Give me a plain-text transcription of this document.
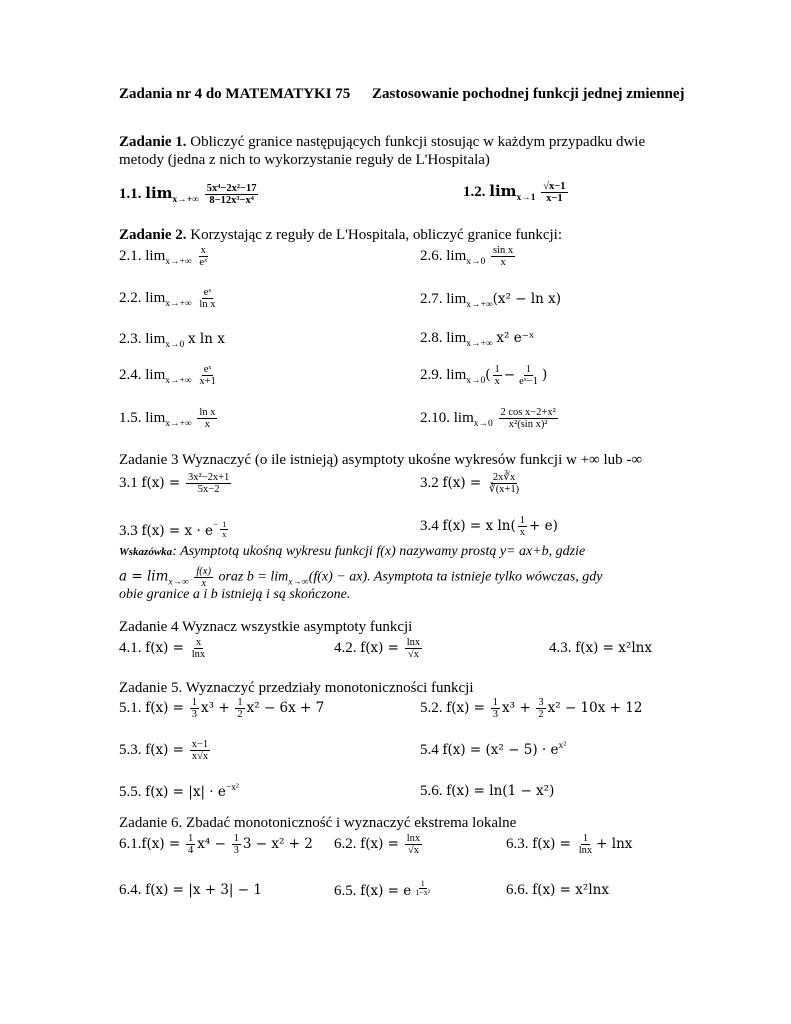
Zadania nr 4 do MATEMATYKI 75 Zastosowanie pochodnej funkcji jednej zmiennej
Zadanie 1. Obliczyć granice następujących funkcji stosując w każdym przypadku dwie
metody (jedna z nich to wykorzystanie reguły de L'Hospitala)
1.1. $\lim_{x\to+\infty} \frac{\text{5x⁴−2x²−17}}{\text{8−12x³−x⁴}}$	1.2. $\lim_{x\to 1} \frac{√x-1}{x-1}$
Zadanie 2. Korzystając z reguły de L'Hospitala, obliczyć granice funkcji:
2.1. $\lim_{x\to+\infty} \frac{x}{\text{eˣ}}$	2.6. $\lim_{x\to 0} \frac{\text{sin x}}{x}$
2.2. $\lim_{x\to+\infty} \frac{\text{eˣ}}{\text{ln x}}$	2.7. $\lim_{x\to+\infty}(x^2 - \ln x)$
2.3. $\lim_{x\to 0} x$ ln x	2.8. $\lim_{x\to+\infty} x^2$ e⁻ˣ
2.4. $\lim_{x\to+\infty} \frac{\text{eˣ}}{x+1}$	2.9. $\lim_{x\to 0}( \frac{1}{x} - \frac{1}{\text{eˣ−1}}$ )
1.5. $\lim_{x\to+\infty} \frac{\text{ln x}}{x}$	2.10. $\lim_{x\to 0} \frac{\text{2 cos x−2+x²}}{\text{x²(sin x)²}}$
Zadanie 3 Wyznaczyć (o ile istnieją) asymptoty ukośne wykresów funkcji w +∞ lub -∞
3.1 $f(x) = \frac{\text{3x²−2x+1}}{5x-2}$	3.2 $f(x) = \frac{2x∛x}{∛(x+1)}$
3.3 $f(x) = x \cdot e^- \frac{1}{x}$	3.4 f(x) = x $\ln( \frac{1}{x} + e)$
Wskazówka: Asymptotą ukośną wykresu funkcji f(x) nazywamy prostą y= ax+b, gdzie
$a = \lim_{x\to\infty} \frac{f(x)}{x}$ oraz $b = \lim_{x\to\infty}(f(x) - ax)$. Asymptota ta istnieje tylko wówczas, gdy
obie granice a i b istnieją i są skończone.
Zadanie 4 Wyznacz wszystkie asymptoty funkcji
4.1. $f(x) = \frac{x}{\ln x}$	4.2. $f(x) = \frac{\ln x}{√x}$	4.3. f(x) = x²lnx
Zadanie 5. Wyznaczyć przedziały monotoniczności funkcji
5.1. $f(x) = \frac{1}{3} x^3 + \frac{1}{2} x^2 - 6x + 7$	5.2. $f(x) = \frac{1}{3} x^3 + \frac{3}{2} x^2 - 10x + 12$
5.3. $f(x) = \frac{x-1}{x√x}$	5.4 $f(x) = (x^2 - 5) \cdot e^{x^2}$
5.5. $f(x) = |x| \cdot e^{-x^2}$	5.6. f(x) = ln(1 − x²)
Zadanie 6. Zbadać monotoniczność i wyznaczyć ekstrema lokalne
$6.1.f(x) = \frac{1}{4} x^4 - \frac{1}{3} 3 - x^2 + 2$ 6.2. $f(x) = \frac{\ln x}{√x}$	6.3. $f(x) = \frac{1}{\ln x} + \ln x$
6.4. f(x) = |x + 3| − 1	6.5. f(x) = e $\frac{1}{\text{1−x²}}$	6.6. f(x) = x²lnx
